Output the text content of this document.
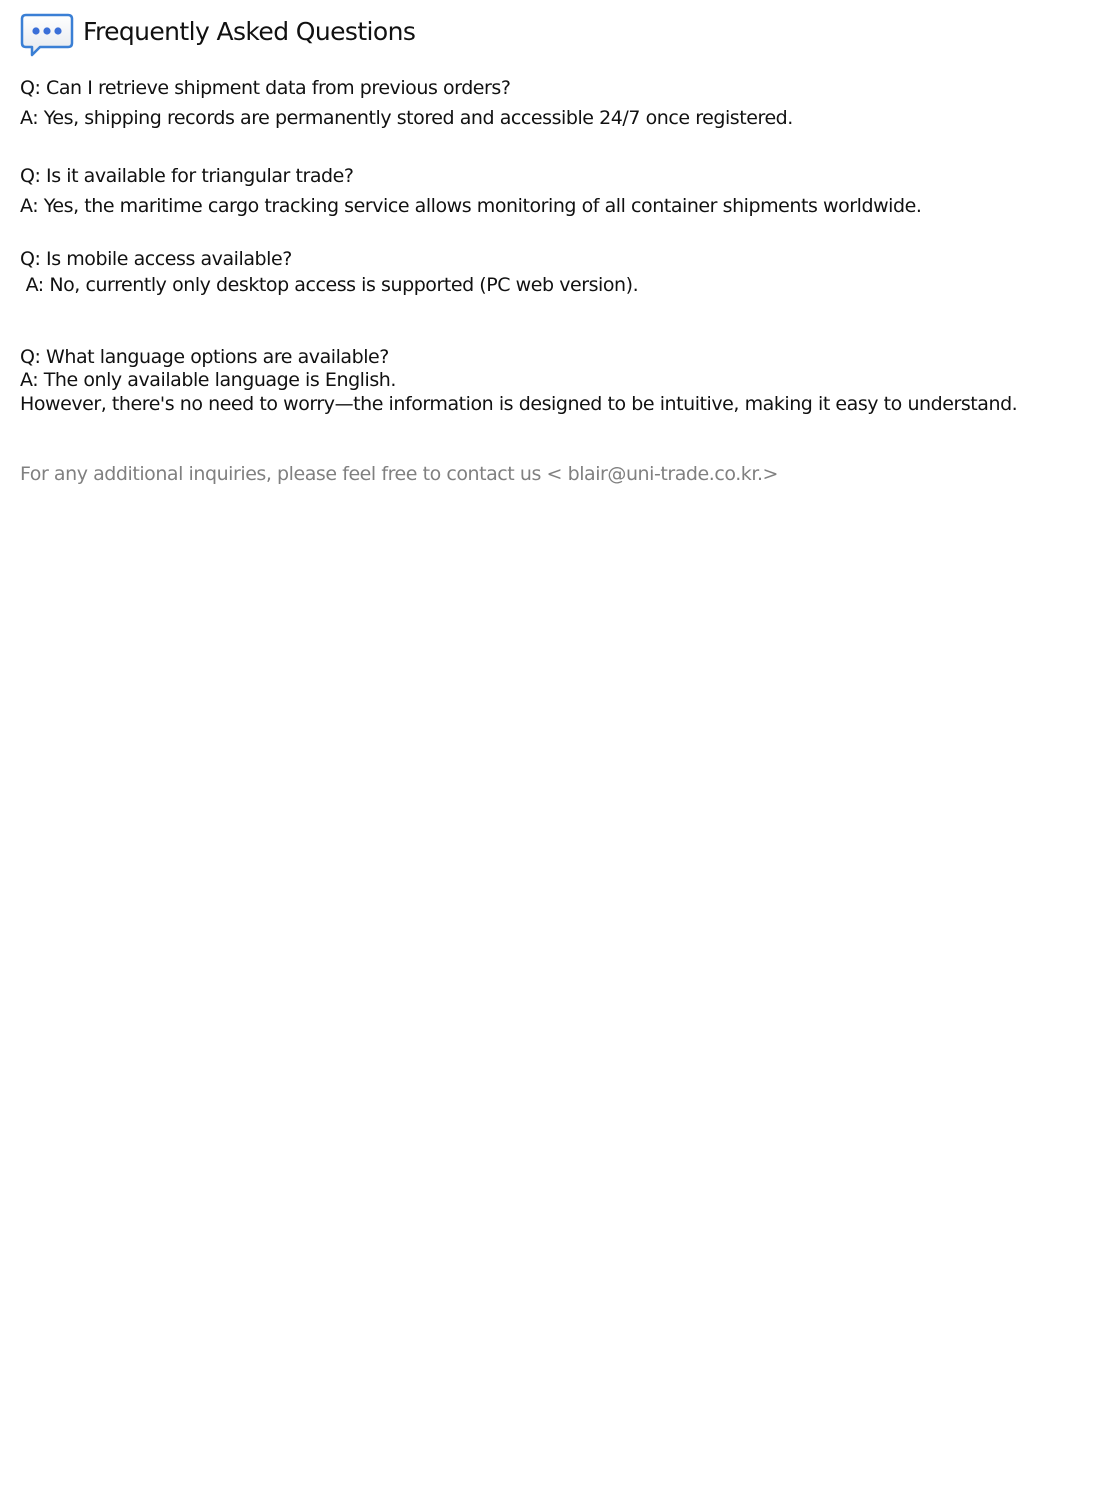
Frequently Asked Questions
Q: Can I retrieve shipment data from previous orders?
A: Yes, shipping records are permanently stored and accessible 24/7 once registered.
Q: Is it available for triangular trade?
A: Yes, the maritime cargo tracking service allows monitoring of all container shipments worldwide.
Q: Is mobile access available?
A: No, currently only desktop access is supported (PC web version).
Q: What language options are available?
A: The only available language is English.
However, there's no need to worry—the information is designed to be intuitive, making it easy to understand.
For any additional inquiries, please feel free to contact us < blair@uni-trade.co.kr.>
